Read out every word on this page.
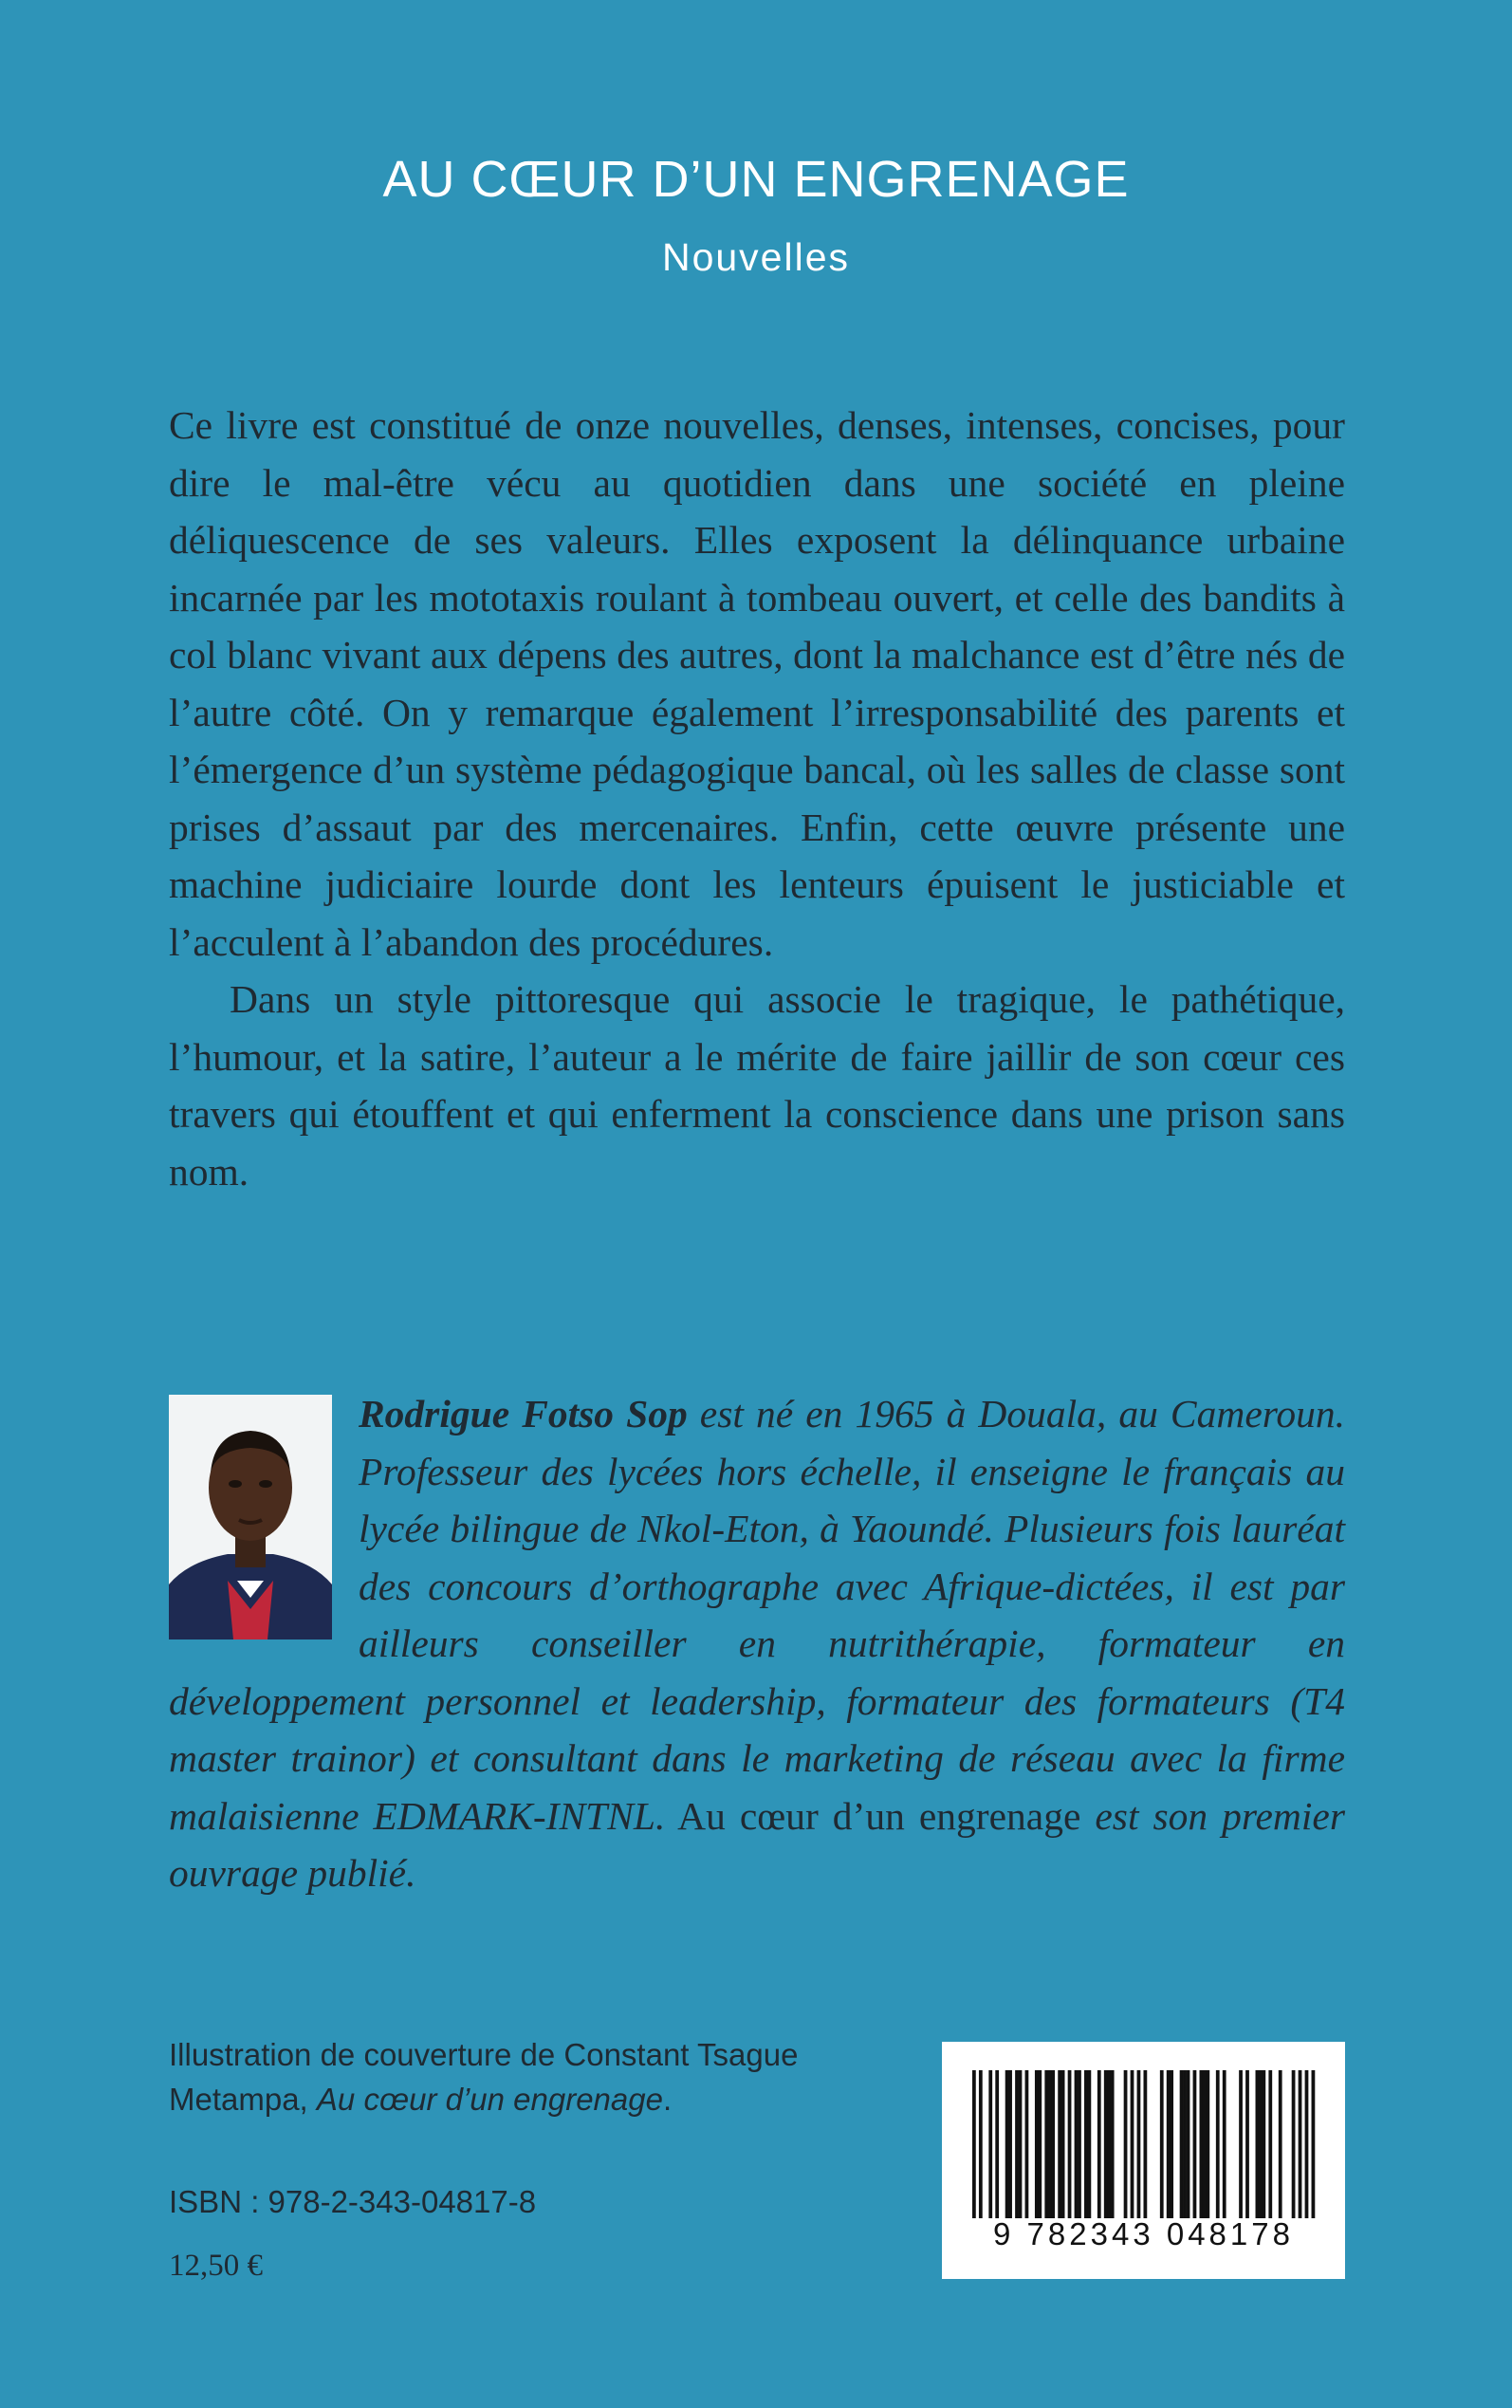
AU CŒUR D’UN ENGRENAGE
Nouvelles

Ce livre est constitué de onze nouvelles, denses, intenses, concises, pour dire le mal-être vécu au quotidien dans une société en pleine déliquescence de ses valeurs. Elles exposent la délinquance urbaine incarnée par les mototaxis roulant à tombeau ouvert, et celle des bandits à col blanc vivant aux dépens des autres, dont la malchance est d’être nés de l’autre côté. On y remarque également l’irresponsabilité des parents et l’émergence d’un système pédagogique bancal, où les salles de classe sont prises d’assaut par des mercenaires. Enfin, cette œuvre présente une machine judiciaire lourde dont les lenteurs épuisent le justiciable et l’acculent à l’abandon des procédures.

Dans un style pittoresque qui associe le tragique, le pathétique, l’humour, et la satire, l’auteur a le mérite de faire jaillir de son cœur ces travers qui étouffent et qui enferment la conscience dans une prison sans nom.

Rodrigue Fotso Sop est né en 1965 à Douala, au Cameroun. Professeur des lycées hors échelle, il enseigne le français au lycée bilingue de Nkol-Eton, à Yaoundé. Plusieurs fois lauréat des concours d’orthographe avec Afrique-dictées, il est par ailleurs conseiller en nutrithérapie, formateur en développement personnel et leadership, formateur des formateurs (T4 master trainor) et consultant dans le marketing de réseau avec la firme malaisienne EDMARK-INTNL. Au cœur d’un engrenage est son premier ouvrage publié.
Illustration de couverture de Constant Tsague Metampa, Au cœur d’un engrenage.
ISBN : 978-2-343-04817-8
12,50 €
9 782343 048178
